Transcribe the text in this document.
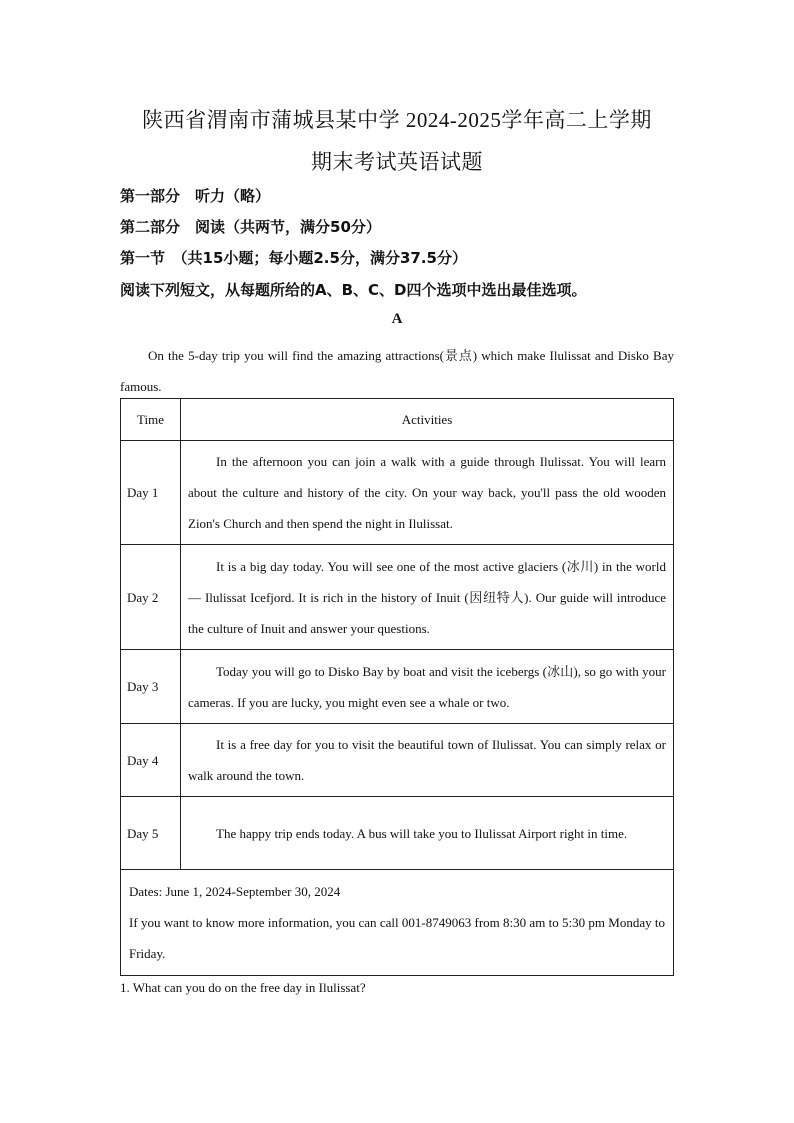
陕西省渭南市蒲城县某中学 2024-2025学年高二上学期
期末考试英语试题
第一部分　听力（略）
第二部分　阅读（共两节，满分50分）
第一节　（共15小题；每小题2.5分，满分37.5分）
阅读下列短文，从每题所给的A、B、C、D四个选项中选出最佳选项。
A
On the 5-day trip you will find the amazing attractions(景点) which make Ilulissat and Disko Bay famous.
Time	Activities
Day 1	In the afternoon you can join a walk with a guide through Ilulissat. You will learn about the culture and history of the city. On your way back, you'll pass the old wooden Zion's Church and then spend the night in Ilulissat.

Day 2	It is a big day today. You will see one of the most active glaciers (冰川) in the world — Ilulissat Icefjord. It is rich in the history of Inuit (因纽特人). Our guide will introduce the culture of Inuit and answer your questions.

Day 3	Today you will go to Disko Bay by boat and visit the icebergs (冰山), so go with your cameras. If you are lucky, you might even see a whale or two.

Day 4	It is a free day for you to visit the beautiful town of Ilulissat. You can simply relax or walk around the town.

Day 5	The happy trip ends today. A bus will take you to Ilulissat Airport right in time.

Dates: June 1, 2024-September 30, 2024

If you want to know more information, you can call 001-8749063 from 8:30 am to 5:30 pm Monday to Friday.	

1. What can you do on the free day in Ilulissat?
